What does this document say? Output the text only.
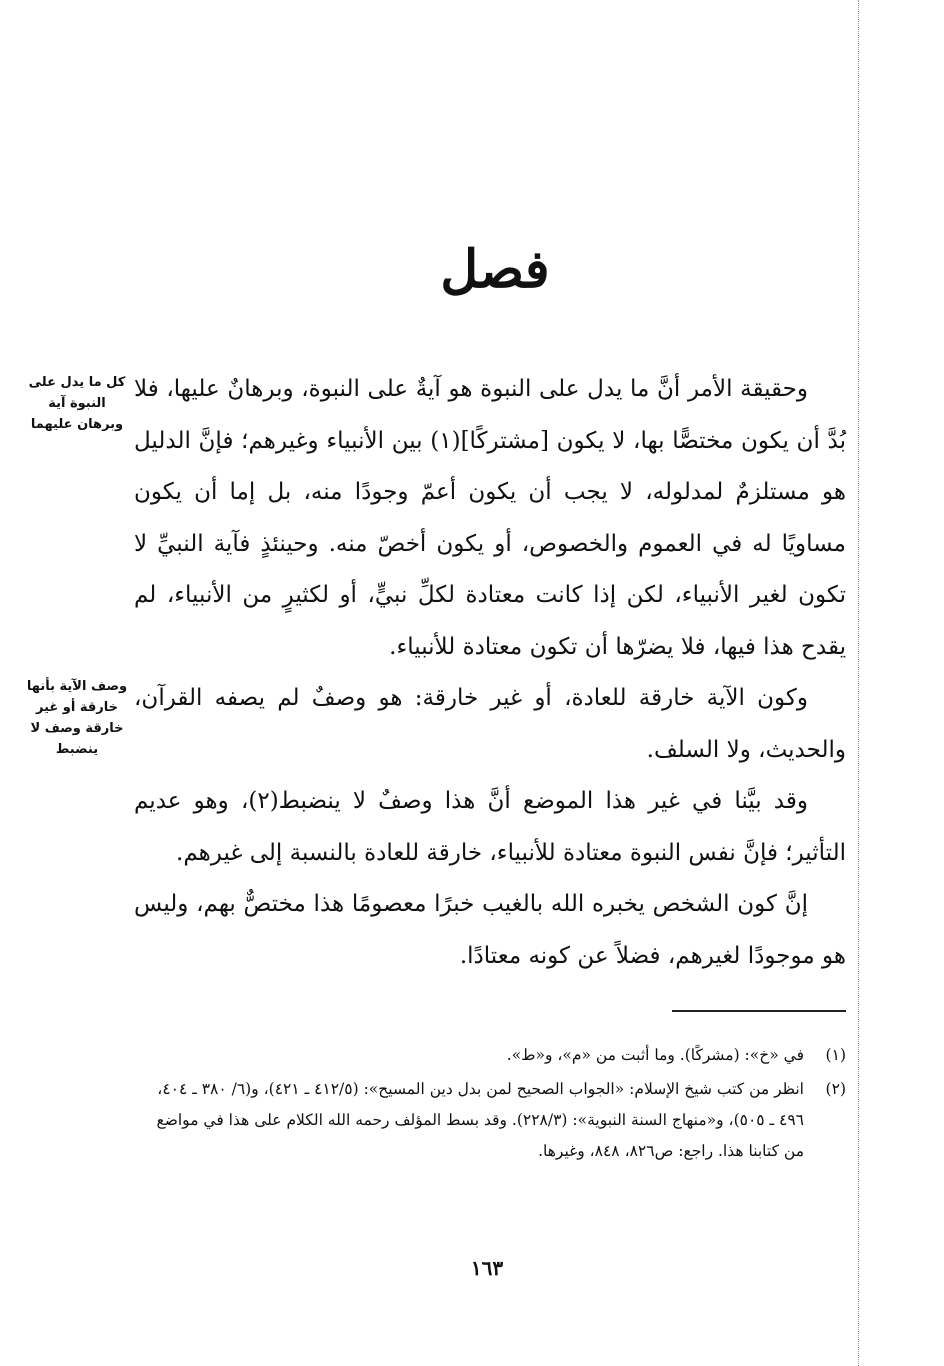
فصل
كل ما يدل على النبوة آية وبرهان عليهما
وصف الآية بأنها خارقة أو غير خارقة وصف لا ينضبط

وحقيقة الأمر أنَّ ما يدل على النبوة هو آيةٌ على النبوة، وبرهانٌ عليها، فلا بُدَّ أن يكون مختصًّا بها، لا يكون [مشتركًا](١) بين الأنبياء وغيرهم؛ فإنَّ الدليل هو مستلزمٌ لمدلوله، لا يجب أن يكون أعمّ وجودًا منه، بل إما أن يكون مساويًا له في العموم والخصوص، أو يكون أخصّ منه. وحينئذٍ فآية النبيِّ لا تكون لغير الأنبياء، لكن إذا كانت معتادة لكلِّ نبيٍّ، أو لكثيرٍ من الأنبياء، لم يقدح هذا فيها، فلا يضرّها أن تكون معتادة للأنبياء.

وكون الآية خارقة للعادة، أو غير خارقة: هو وصفٌ لم يصفه القرآن، والحديث، ولا السلف.

وقد بيَّنا في غير هذا الموضع أنَّ هذا وصفٌ لا ينضبط(٢)، وهو عديم التأثير؛ فإنَّ نفس النبوة معتادة للأنبياء، خارقة للعادة بالنسبة إلى غيرهم.

إنَّ كون الشخص يخبره الله بالغيب خبرًا معصومًا هذا مختصٌّ بهم، وليس هو موجودًا لغيرهم، فضلاً عن كونه معتادًا.

(١)
في «خ»: (مشركًا). وما أثبت من «م»، و«ط».
(٢)
انظر من كتب شيخ الإسلام: «الجواب الصحيح لمن بدل دين المسيح»: (٤١٢/٥ ـ ٤٢١)، و(٦/ ٣٨٠ ـ ٤٠٤، ٤٩٦ ـ ٥٠٥)، و«منهاج السنة النبوية»: (٢٢٨/٣). وقد بسط المؤلف رحمه الله الكلام على هذا في مواضع من كتابنا هذا. راجع: ص٨٢٦، ٨٤٨، وغيرها.
١٦٣
